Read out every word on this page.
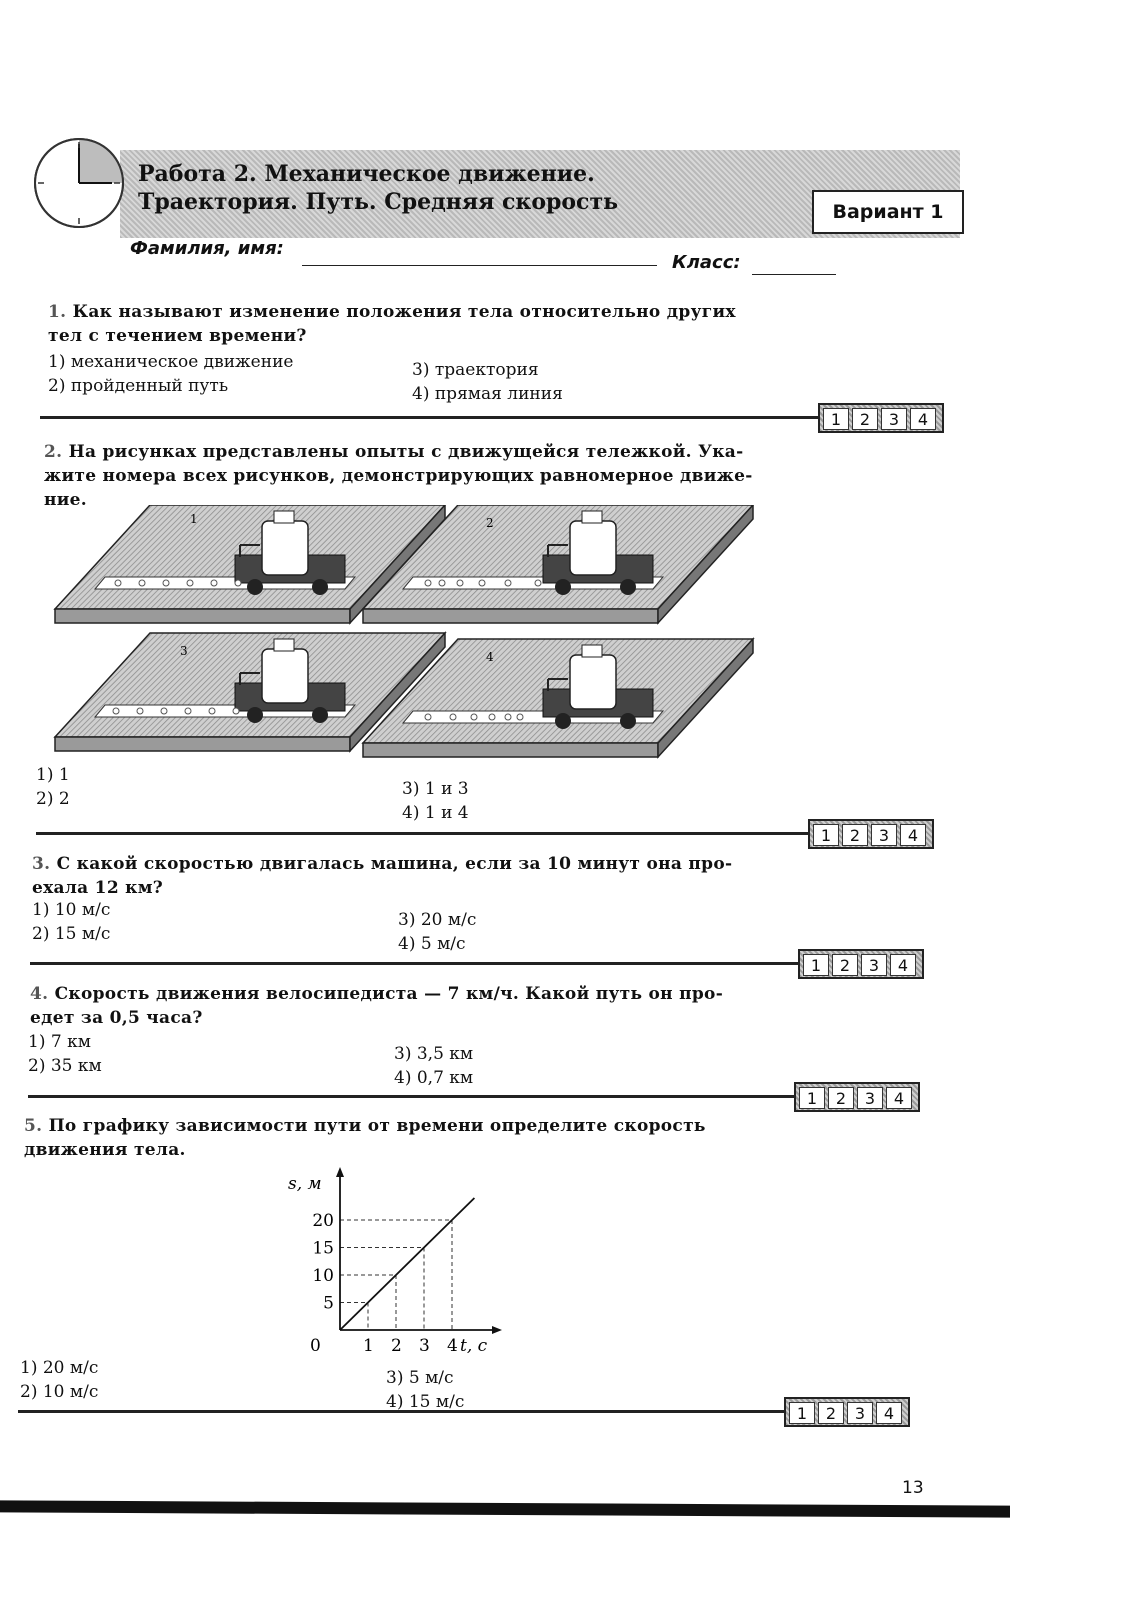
Работа 2. Механическое движение.
Траектория. Путь. Средняя скорость	Вариант 1
Фамилия, имя:
Класс:
1. Как называют изменение положения тела относительно других
тел с течением времени?
1) механическое движение
2) пройденный путь
3) траектория
4) прямая линия
1	2	3	4
2. На рисунках представлены опыты с движущейся тележкой. Ука-
жите номера всех рисунков, демонстрирующих равномерное движе-
ние.
1	2
3	4
1) 1
2) 2	3) 1 и 3
4) 1 и 4
1	2	3	4
3. С какой скоростью двигалась машина, если за 10 минут она про-
ехала 12 км?
1) 10 м/с
2) 15 м/с
3) 20 м/с
4) 5 м/с
1	2	3	4
4. Скорость движения велосипедиста — 7 км/ч. Какой путь он про-
едет за 0,5 часа?
1) 7 км
2) 35 км
3) 3,5 км
4) 0,7 км
1	2	3	4
5. По графику зависимости пути от времени определите скорость
движения тела.
1 2 3 4
5
10
15
20
s, м
t, c
0
1) 20 м/с
2) 10 м/с
3) 5 м/с
4) 15 м/с
1	2	3	4
13
